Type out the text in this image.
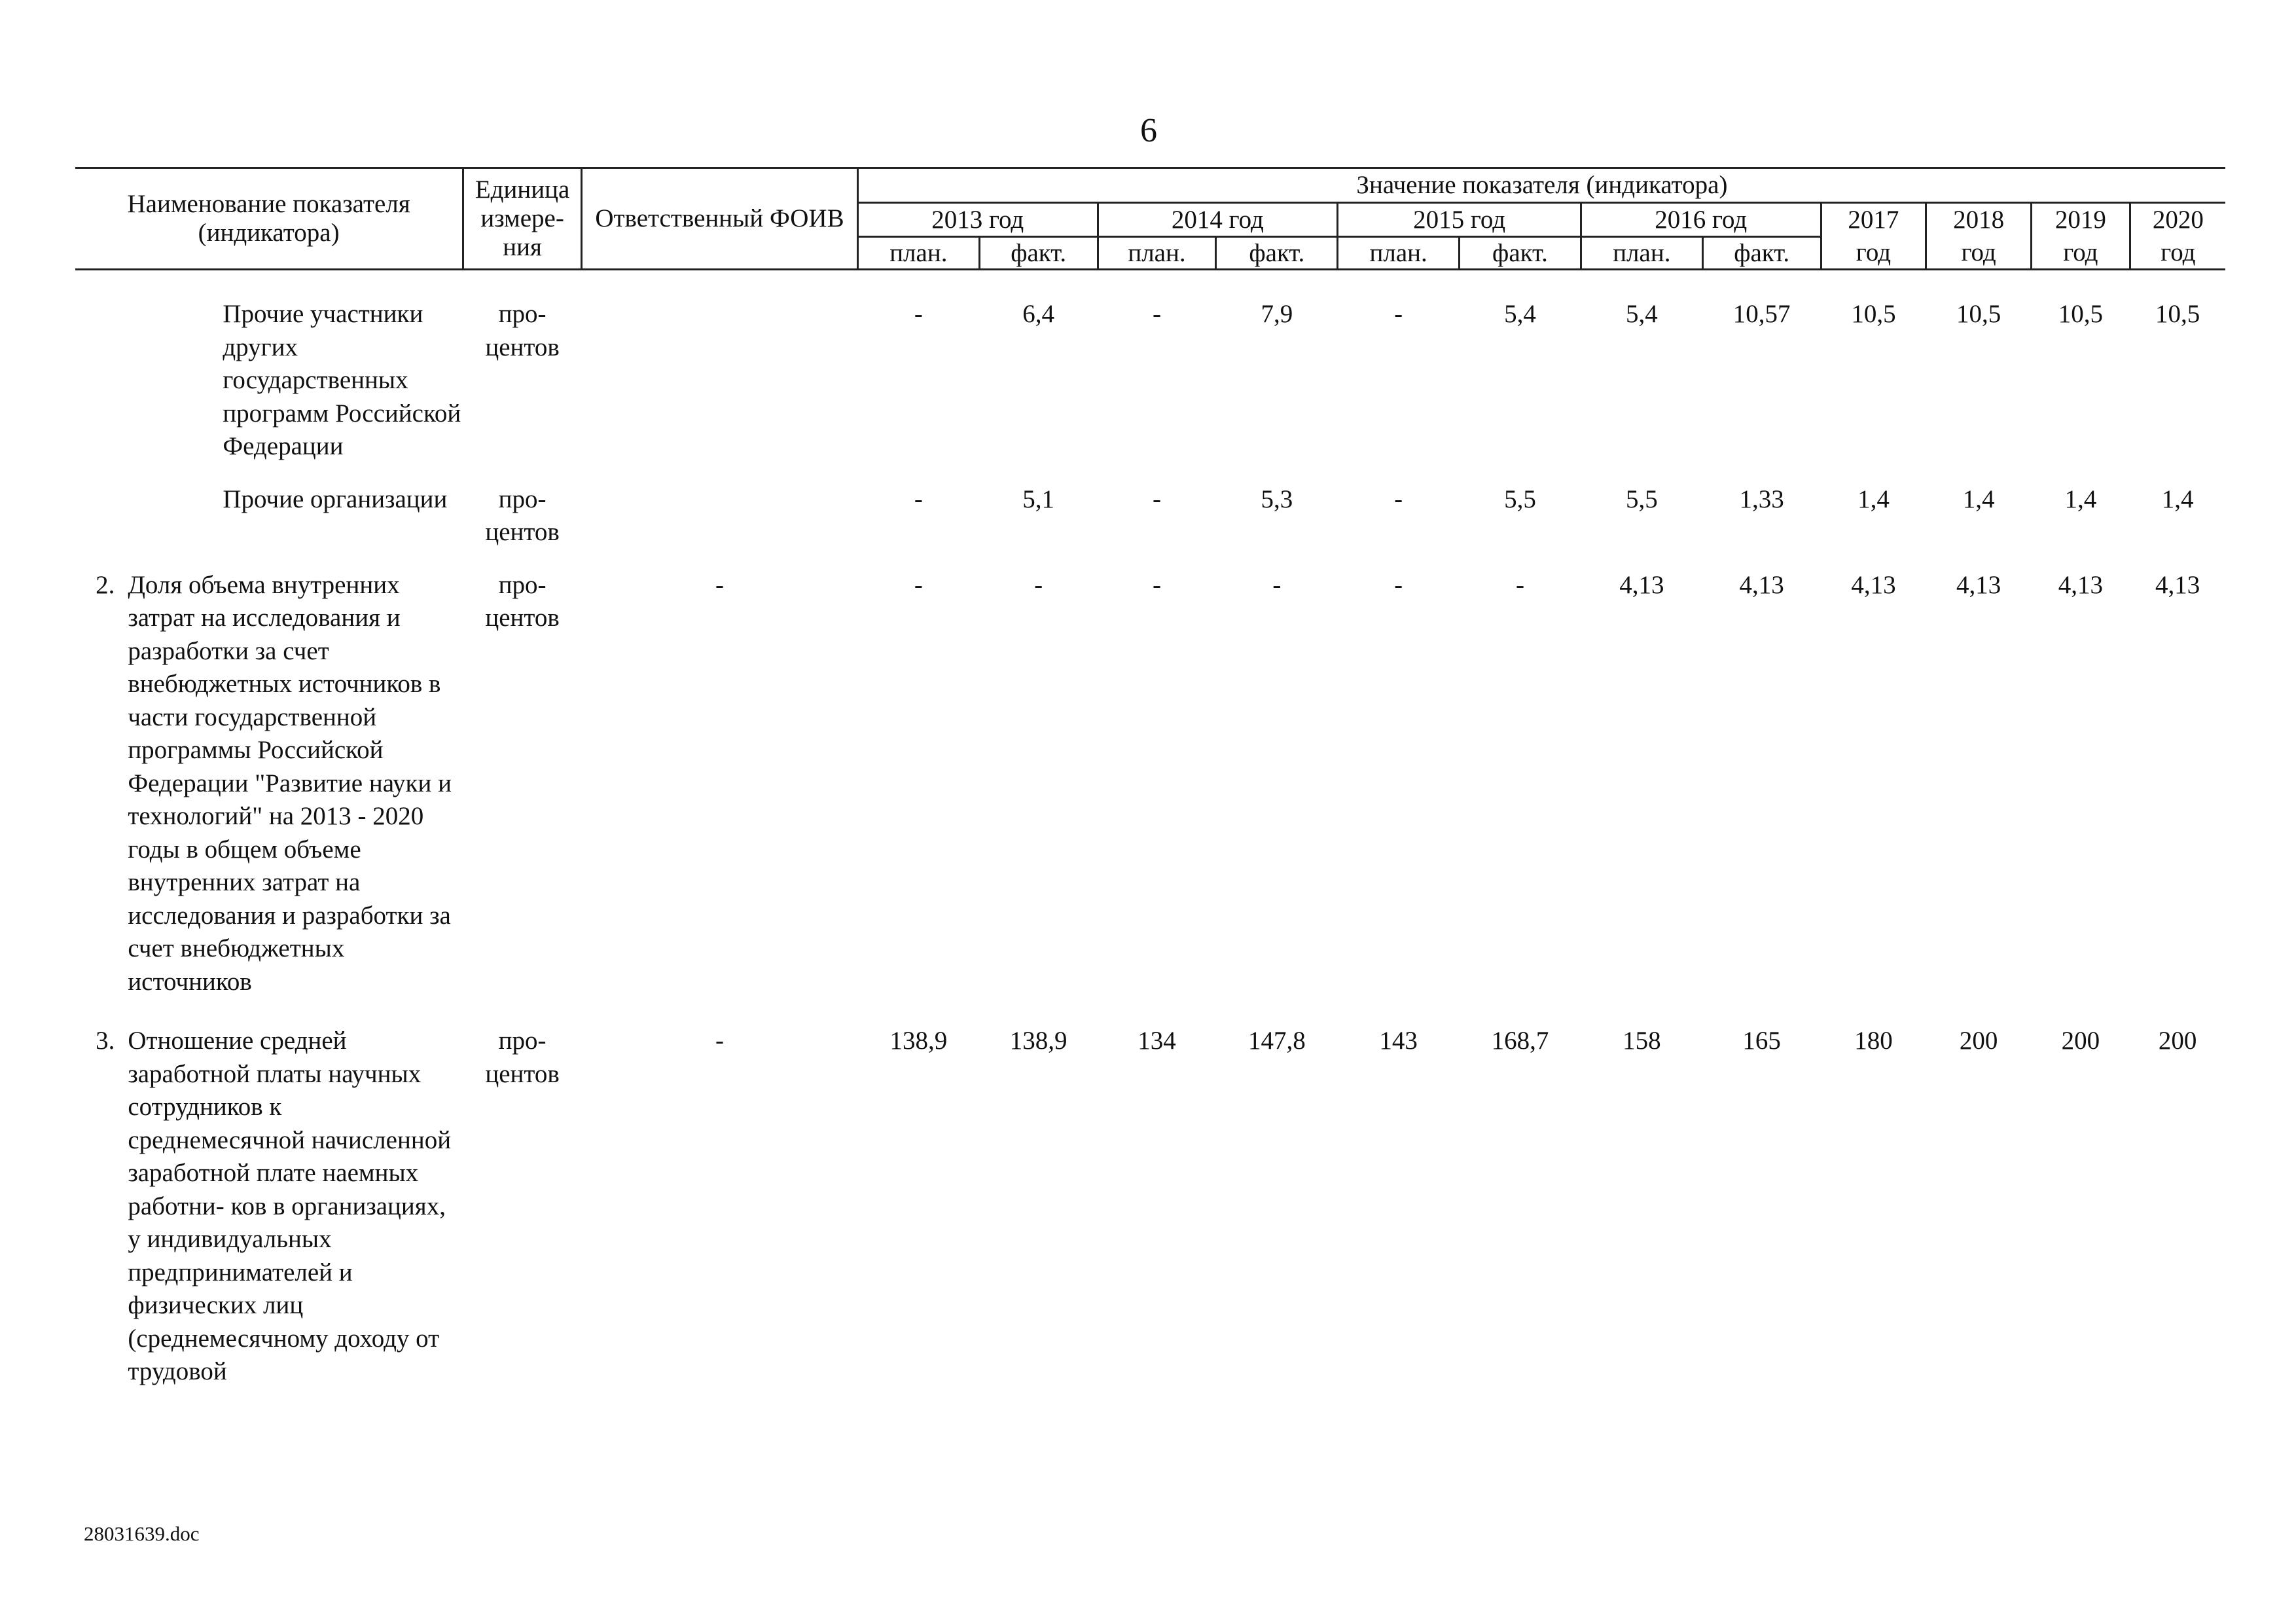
6
Наименование показателя (индикатора)	Единица измере- ния	Ответственный ФОИВ	Значение показателя (индикатора)											
			2013 год		2014 год		2015 год		2016 год		2017	2018	2019	2020
			план.	факт.	план.	факт.	план.	факт.	план.	факт.	год	год	год	год
	Прочие участники других государственных программ Российской Федерации	про- центов		-	6,4	-	7,9	-	5,4	5,4	10,57	10,5	10,5	10,5	10,5
	Прочие организации	про- центов		-	5,1	-	5,3	-	5,5	5,5	1,33	1,4	1,4	1,4	1,4
2.	Доля объема внутренних затрат на исследования и разработки за счет внебюджетных источников в части государственной программы Российской Федерации "Развитие науки и технологий" на 2013 - 2020 годы в общем объеме внутренних затрат на исследования и разработки за счет внебюджетных источников	про- центов	-	-	-	-	-	-	-	4,13	4,13	4,13	4,13	4,13	4,13
3.	Отношение средней заработной платы научных сотрудников к среднемесячной начисленной заработной плате наемных работни- ков в организациях, у индивидуальных предпринимателей и физических лиц (среднемесячному доходу от трудовой	про- центов	-	138,9	138,9	134	147,8	143	168,7	158	165	180	200	200	200
28031639.doc
